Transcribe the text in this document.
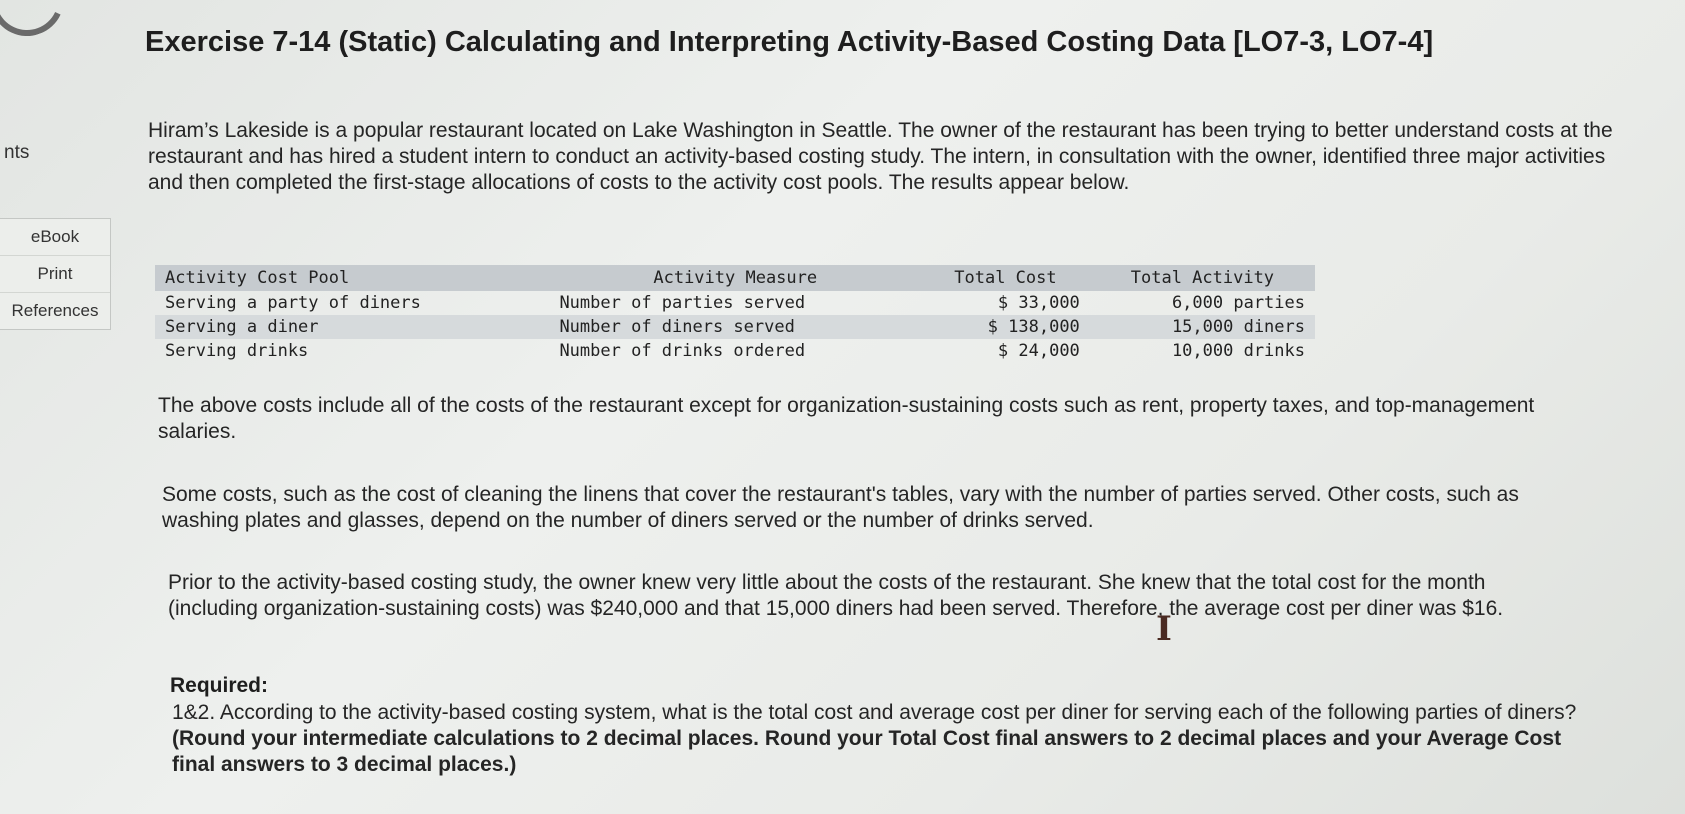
nts
eBook
Print
References
Exercise 7-14 (Static) Calculating and Interpreting Activity-Based Costing Data [LO7-3, LO7-4]

Hiram’s Lakeside is a popular restaurant located on Lake Washington in Seattle. The owner of the restaurant has been trying to better understand costs at the restaurant and has hired a student intern to conduct an activity-based costing study. The intern, in consultation with the owner, identified three major activities and then completed the first-stage allocations of costs to the activity cost pools. The results appear below.

Activity Cost Pool	Activity Measure	Total Cost	Total Activity
Serving a party of diners	Number of parties served	$ 33,000	6,000 parties
Serving a diner	Number of diners served	$ 138,000	15,000 diners
Serving drinks	Number of drinks ordered	$ 24,000	10,000 drinks

The above costs include all of the costs of the restaurant except for organization-sustaining costs such as rent, property taxes, and top-management salaries.

Some costs, such as the cost of cleaning the linens that cover the restaurant's tables, vary with the number of parties served. Other costs, such as washing plates and glasses, depend on the number of diners served or the number of drinks served.

Prior to the activity-based costing study, the owner knew very little about the costs of the restaurant. She knew that the total cost for the month (including organization-sustaining costs) was $240,000 and that 15,000 diners had been served. Therefore, the average cost per diner was $16.

Required:

1&2. According to the activity-based costing system, what is the total cost and average cost per diner for serving each of the following parties of diners? (Round your intermediate calculations to 2 decimal places. Round your Total Cost final answers to 2 decimal places and your Average Cost final answers to 3 decimal places.)

I
